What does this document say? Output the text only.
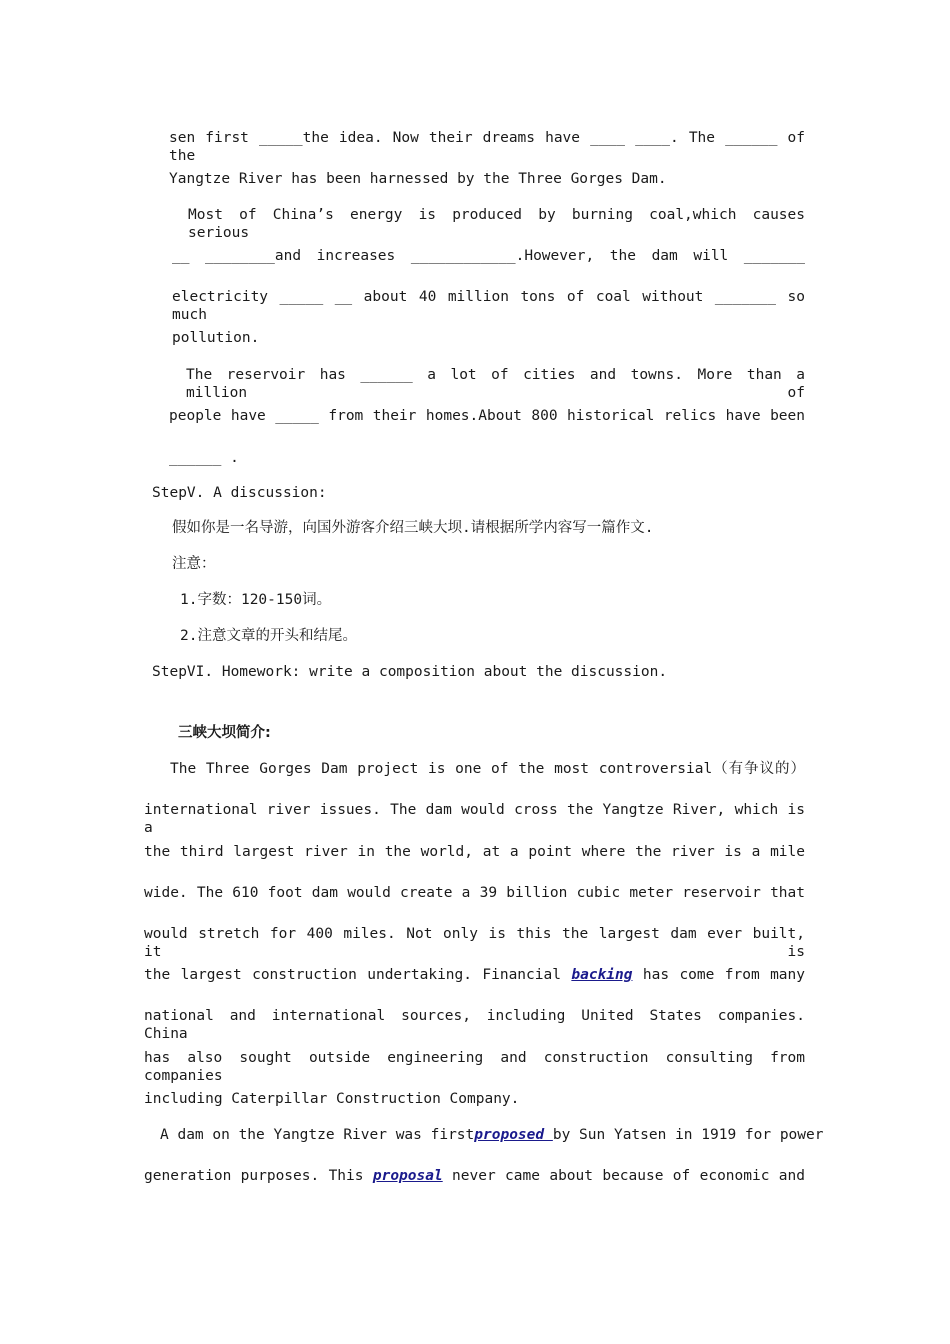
sen first _____the idea. Now their dreams have ____ ____. The ______ of the
Yangtze River has been harnessed by the Three Gorges Dam.
Most of China’s energy is produced by burning coal,which causes serious
__ ________and increases ____________.However, the dam will _______
electricity _____ __ about 40 million tons of coal without _______ so much
pollution.
The reservoir has ______ a lot of cities and towns. More than a million of
people have _____ from their homes.About 800 historical relics have been
______ .
StepV. A discussion:
假如你是一名导游，向国外游客介绍三峡大坝.请根据所学内容写一篇作文.
注意：
1.字数：120-150词。
2.注意文章的开头和结尾。
StepVI. Homework: write a composition about the discussion.
三峡大坝简介:
The Three Gorges Dam project is one of the most controversial（有争议的）
international river issues. The dam would cross the Yangtze River, which is a
the third largest river in the world, at a point where the river is a mile
wide. The 610 foot dam would create a 39 billion cubic meter reservoir that
would stretch for 400 miles. Not only is this the largest dam ever built, it is
the largest construction undertaking. Financial backing has come from many
national and international sources, including United States companies. China
has also sought outside engineering and construction consulting from companies
including Caterpillar Construction Company.
A dam on the Yangtze River was firstproposed by Sun Yatsen in 1919 for power
generation purposes. This proposal never came about because of economic and
